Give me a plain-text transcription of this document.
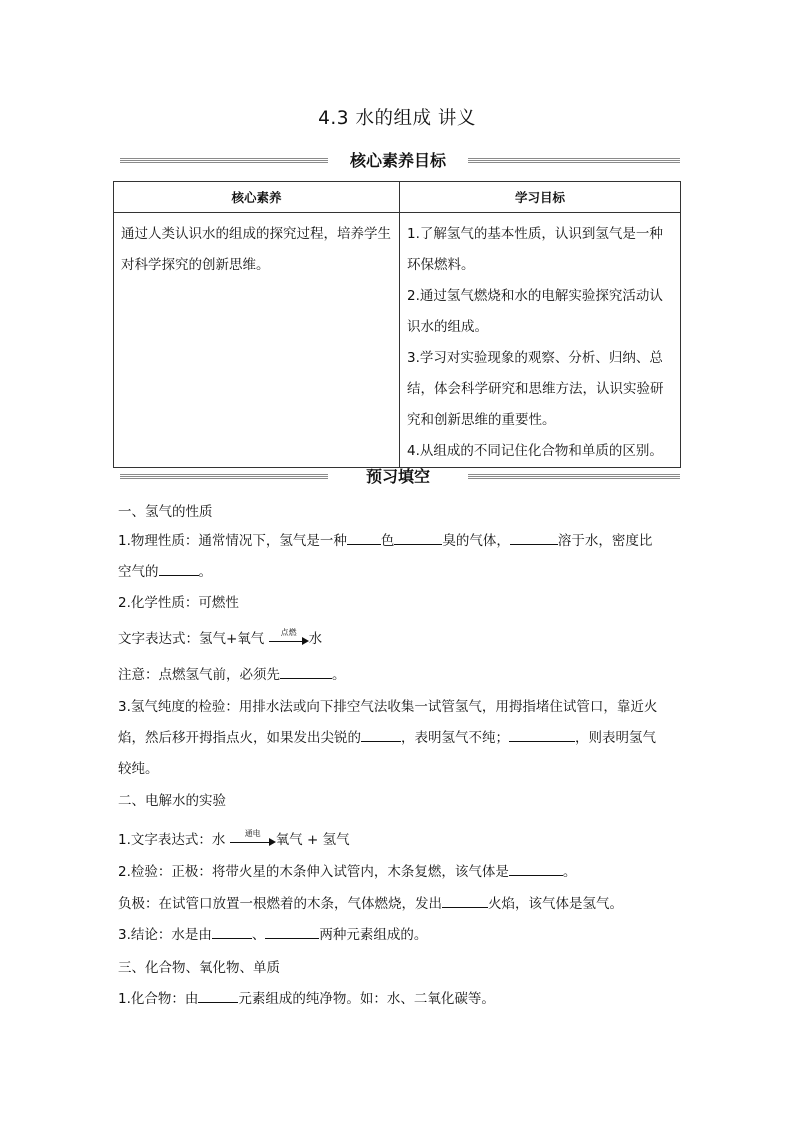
4.3 水的组成 讲义
核心素养目标
核心素养	学习目标

通过人类认识水的组成的探究过程，培养学生对科学探究的创新思维。	1.了解氢气的基本性质，认识到氢气是一种环保燃料。
2.通过氢气燃烧和水的电解实验探究活动认识水的组成。
3.学习对实验现象的观察、分析、归纳、总结，体会科学研究和思维方法，认识实验研究和创新思维的重要性。
4.从组成的不同记住化合物和单质的区别。
预习填空
一、氢气的性质
1.物理性质：通常情况下，氢气是一种	色	臭的气体，	溶于水，密度比
空气的	。
2.化学性质：可燃性
文字表达式：氢气+氧气	点燃 水
注意：点燃氢气前，必须先	。
3.氢气纯度的检验：用排水法或向下排空气法收集一试管氢气，用拇指堵住试管口，靠近火
焰，然后移开拇指点火，如果发出尖锐的	，表明氢气不纯；	，则表明氢气
较纯。
二、电解水的实验
1.文字表达式：水	通电	氧气 + 氢气
2.检验：正极：将带火星的木条伸入试管内，木条复燃，该气体是	。
负极：在试管口放置一根燃着的木条，气体燃烧，发出	火焰，该气体是氢气。
3.结论：水是由	、	两种元素组成的。
三、化合物、氧化物、单质
1.化合物：由	元素组成的纯净物。如：水、二氧化碳等。
